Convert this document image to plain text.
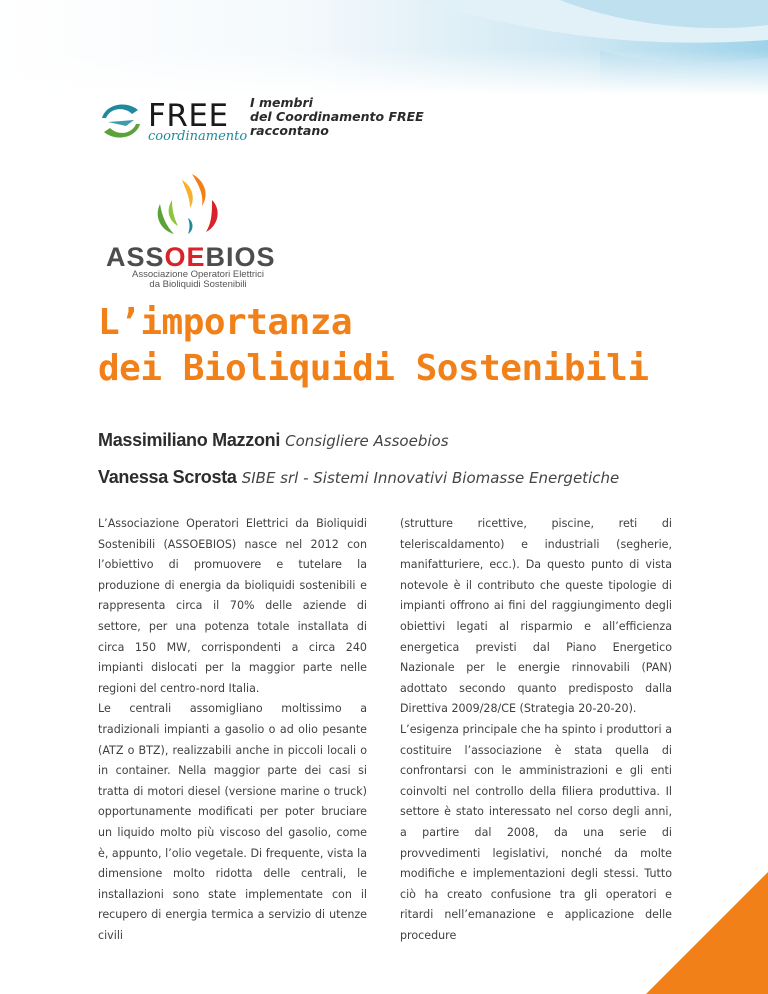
FREE
coordinamento
I membri
del Coordinamento FREE
raccontano
ASSOEBIOS
Associazione Operatori Elettrici
da Bioliquidi Sostenibili
L’importanza
dei Bioliquidi Sostenibili
Massimiliano Mazzoni Consigliere Assoebios
Vanessa Scrosta SIBE srl - Sistemi Innovativi Biomasse Energetiche

L’Associazione Operatori Elettrici da Bioliquidi Sostenibili (ASSOEBIOS) nasce nel 2012 con l’obiettivo di promuovere e tutelare la produzione di energia da bioliquidi sostenibili e rappresenta circa il 70% delle aziende di settore, per una potenza totale installata di circa 150 MW, corrispondenti a circa 240 impianti dislocati per la maggior parte nelle regioni del centro-nord Italia.

Le centrali assomigliano moltissimo a tradizionali impianti a gasolio o ad olio pesante (ATZ o BTZ), realizzabili anche in piccoli locali o in container. Nella maggior parte dei casi si tratta di motori diesel (versione marine o truck) opportunamente modificati per poter bruciare un liquido molto più viscoso del gasolio, come è, appunto, l’olio vegetale. Di frequente, vista la dimensione molto ridotta delle centrali, le installazioni sono state implementate con il recupero di energia termica a servizio di utenze civili

(strutture ricettive, piscine, reti di teleriscaldamento) e industriali (segherie, manifatturiere, ecc.). Da questo punto di vista notevole è il contributo che queste tipologie di impianti offrono ai fini del raggiungimento degli obiettivi legati al risparmio e all’efficienza energetica previsti dal Piano Energetico Nazionale per le energie rinnovabili (PAN) adottato secondo quanto predisposto dalla Direttiva 2009/28/CE (Strategia 20-20-20).

L’esigenza principale che ha spinto i produttori a costituire l’associazione è stata quella di confrontarsi con le amministrazioni e gli enti coinvolti nel controllo della filiera produttiva. Il settore è stato interessato nel corso degli anni, a partire dal 2008, da una serie di provvedimenti legislativi, nonché da molte modifiche e implementazioni degli stessi. Tutto ciò ha creato confusione tra gli operatori e ritardi nell’emanazione e applicazione delle procedure	27
